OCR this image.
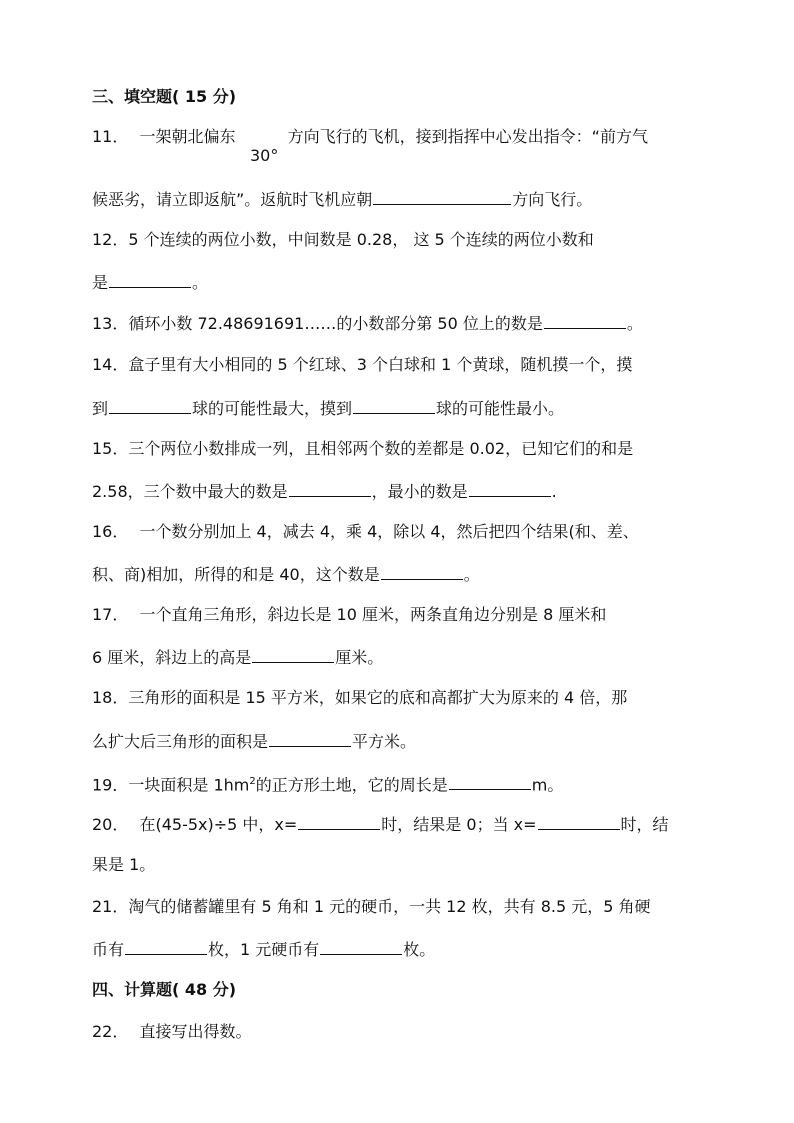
三、填空题( 15 分)
11． 一架朝北偏东	方向飞行的飞机，接到指挥中心发出指令：“前方气
30°
候恶劣，请立即返航”。返航时飞机应朝	方向飞行。
12．5 个连续的两位小数，中间数是 0.28， 这 5 个连续的两位小数和
是	。
13．循环小数 72.48691691……的小数部分第 50 位上的数是	。
14．盒子里有大小相同的 5 个红球、3 个白球和 1 个黄球，随机摸一个，摸
到	球的可能性最大，摸到	球的可能性最小。
15．三个两位小数排成一列，且相邻两个数的差都是 0.02，已知它们的和是
2.58，三个数中最大的数是	，最小的数是	.
16． 一个数分别加上 4，减去 4，乘 4，除以 4，然后把四个结果(和、差、
积、商)相加，所得的和是 40，这个数是	。
17． 一个直角三角形，斜边长是 10 厘米，两条直角边分别是 8 厘米和
6 厘米，斜边上的高是	厘米。
18．三角形的面积是 15 平方米，如果它的底和高都扩大为原来的 4 倍，那
么扩大后三角形的面积是	平方米。
19．一块面积是 $1hm^2$的正方形土地，它的周长是	m。
20． 在(45-5x)÷5 中，x=	时，结果是 0；当 x=	时，结
果是 1。
21．淘气的储蓄罐里有 5 角和 1 元的硬币，一共 12 枚，共有 8.5 元，5 角硬
币有	枚，1 元硬币有	枚。
四、计算题( 48 分)
22． 直接写出得数。
